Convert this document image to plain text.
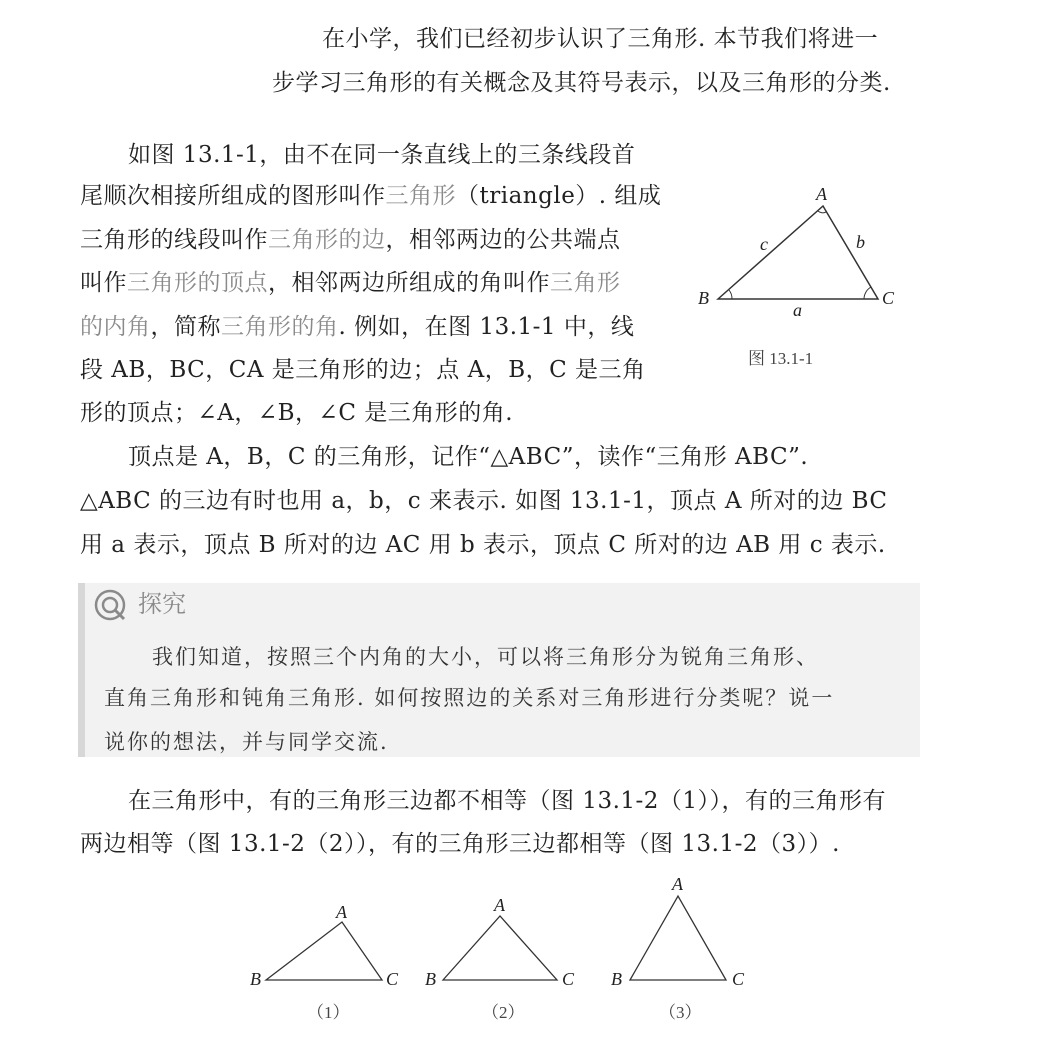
在小学，我们已经初步认识了三角形. 本节我们将进一
步学习三角形的有关概念及其符号表示，以及三角形的分类.
如图 13.1-1，由不在同一条直线上的三条线段首
尾顺次相接所组成的图形叫作三角形（triangle）. 组成
三角形的线段叫作三角形的边，相邻两边的公共端点
叫作三角形的顶点，相邻两边所组成的角叫作三角形
的内角，简称三角形的角. 例如，在图 13.1-1 中，线
段 AB，BC，CA 是三角形的边；点 A，B，C 是三角
形的顶点；∠A，∠B，∠C 是三角形的角.
顶点是 A，B，C 的三角形，记作“△ABC”，读作“三角形 ABC”.
△ABC 的三边有时也用 a，b，c 来表示. 如图 13.1-1，顶点 A 所对的边 BC
用 a 表示，顶点 B 所对的边 AC 用 b 表示，顶点 C 所对的边 AB 用 c 表示.
探究
我们知道，按照三个内角的大小，可以将三角形分为锐角三角形、
直角三角形和钝角三角形. 如何按照边的关系对三角形进行分类呢？说一
说你的想法，并与同学交流.
在三角形中，有的三角形三边都不相等（图 13.1-2（1）），有的三角形有
两边相等（图 13.1-2（2）），有的三角形三边都相等（图 13.1-2（3））.
A
B	C
a
b
c
图 13.1-1
A
B	C
（1）
A
B	C
（2）
A
B	C
（3）
